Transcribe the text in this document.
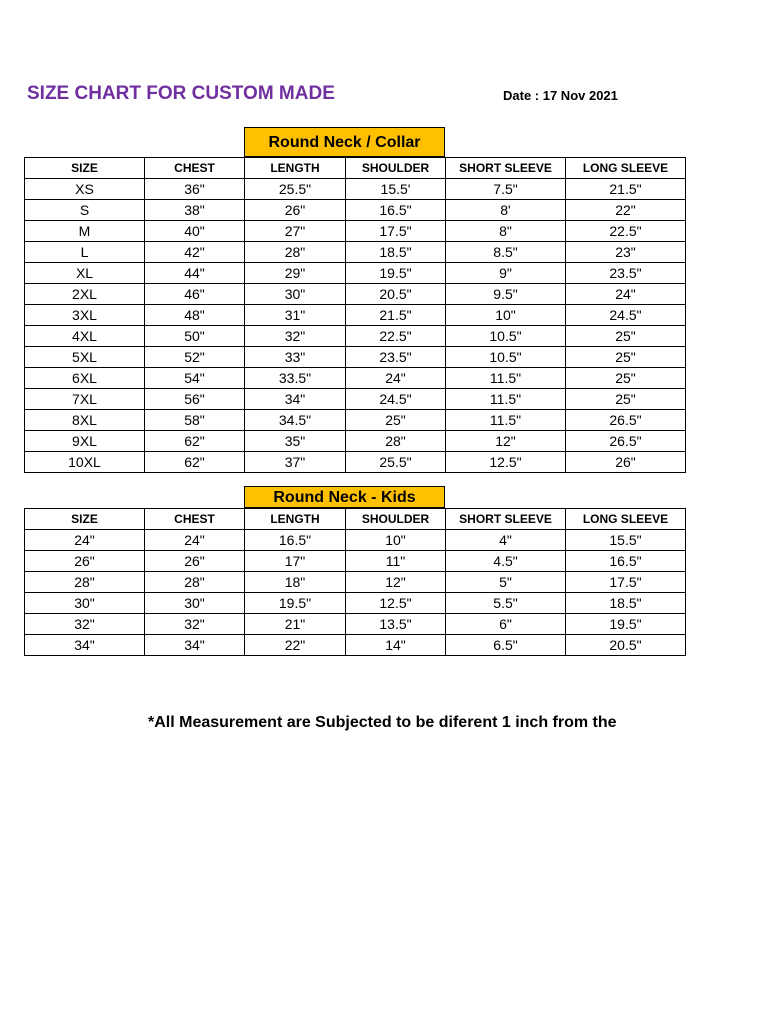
SIZE CHART FOR CUSTOM MADE	Date : 17 Nov 2021
Round Neck / Collar
SIZE	CHEST	LENGTH	SHOULDER	SHORT SLEEVE	LONG SLEEVE
XS	36"	25.5"	15.5'	7.5"	21.5"
S	38"	26"	16.5"	8'	22"
M	40"	27"	17.5"	8"	22.5"
L	42"	28"	18.5"	8.5"	23"
XL	44"	29"	19.5"	9"	23.5"
2XL	46"	30"	20.5"	9.5"	24"
3XL	48"	31"	21.5"	10"	24.5"
4XL	50"	32"	22.5"	10.5"	25"
5XL	52"	33"	23.5"	10.5"	25"
6XL	54"	33.5"	24"	11.5"	25"
7XL	56"	34"	24.5"	11.5"	25"
8XL	58"	34.5"	25"	11.5"	26.5"
9XL	62"	35"	28"	12"	26.5"
10XL	62"	37"	25.5"	12.5"	26"
Round Neck - Kids
SIZE	CHEST	LENGTH	SHOULDER	SHORT SLEEVE	LONG SLEEVE
24"	24"	16.5"	10"	4"	15.5"
26"	26"	17"	11"	4.5"	16.5"
28"	28"	18"	12"	5"	17.5"
30"	30"	19.5"	12.5"	5.5"	18.5"
32"	32"	21"	13.5"	6"	19.5"
34"	34"	22"	14"	6.5"	20.5"
*All Measurement are Subjected to be diferent 1 inch from the
